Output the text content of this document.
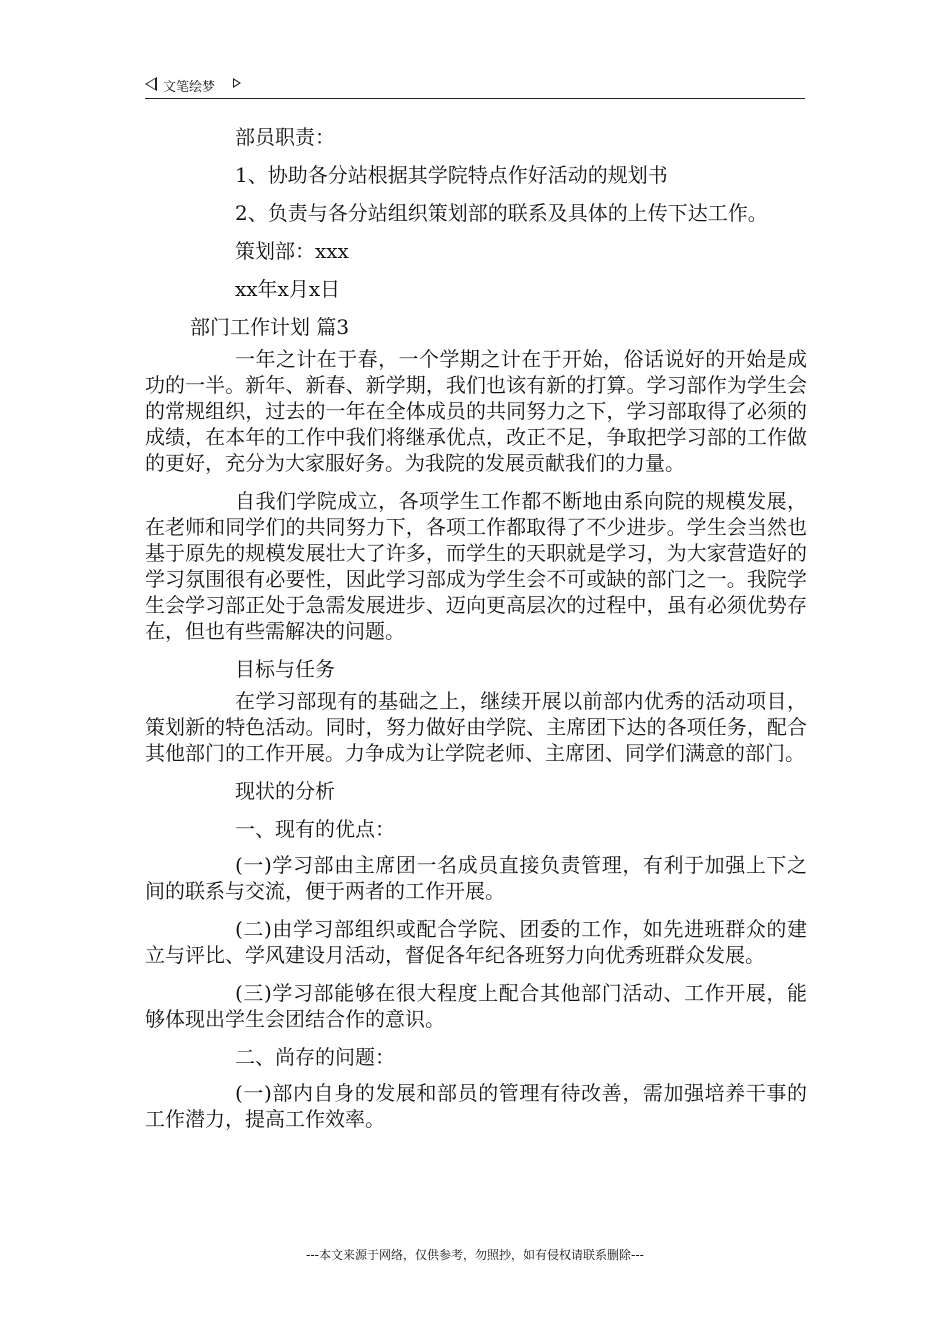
文笔绘梦

部员职责：

1、协助各分站根据其学院特点作好活动的规划书

2、负责与各分站组织策划部的联系及具体的上传下达工作。

策划部：xxx

xx年x月x日

部门工作计划 篇3

一年之计在于春，一个学期之计在于开始，俗话说好的开始是成功的一半。新年、新春、新学期，我们也该有新的打算。学习部作为学生会的常规组织，过去的一年在全体成员的共同努力之下，学习部取得了必须的成绩，在本年的工作中我们将继承优点，改正不足，争取把学习部的工作做的更好，充分为大家服好务。为我院的发展贡献我们的力量。

自我们学院成立，各项学生工作都不断地由系向院的规模发展，在老师和同学们的共同努力下，各项工作都取得了不少进步。学生会当然也基于原先的规模发展壮大了许多，而学生的天职就是学习，为大家营造好的学习氛围很有必要性，因此学习部成为学生会不可或缺的部门之一。我院学生会学习部正处于急需发展进步、迈向更高层次的过程中，虽有必须优势存在，但也有些需解决的问题。

目标与任务

在学习部现有的基础之上，继续开展以前部内优秀的活动项目，策划新的特色活动。同时，努力做好由学院、主席团下达的各项任务，配合其他部门的工作开展。力争成为让学院老师、主席团、同学们满意的部门。

现状的分析

一、现有的优点：

(一)学习部由主席团一名成员直接负责管理，有利于加强上下之间的联系与交流，便于两者的工作开展。

(二)由学习部组织或配合学院、团委的工作，如先进班群众的建立与评比、学风建设月活动，督促各年纪各班努力向优秀班群众发展。

(三)学习部能够在很大程度上配合其他部门活动、工作开展，能够体现出学生会团结合作的意识。

二、尚存的问题：

(一)部内自身的发展和部员的管理有待改善，需加强培养干事的工作潜力，提高工作效率。

---本文来源于网络，仅供参考，勿照抄，如有侵权请联系删除---
